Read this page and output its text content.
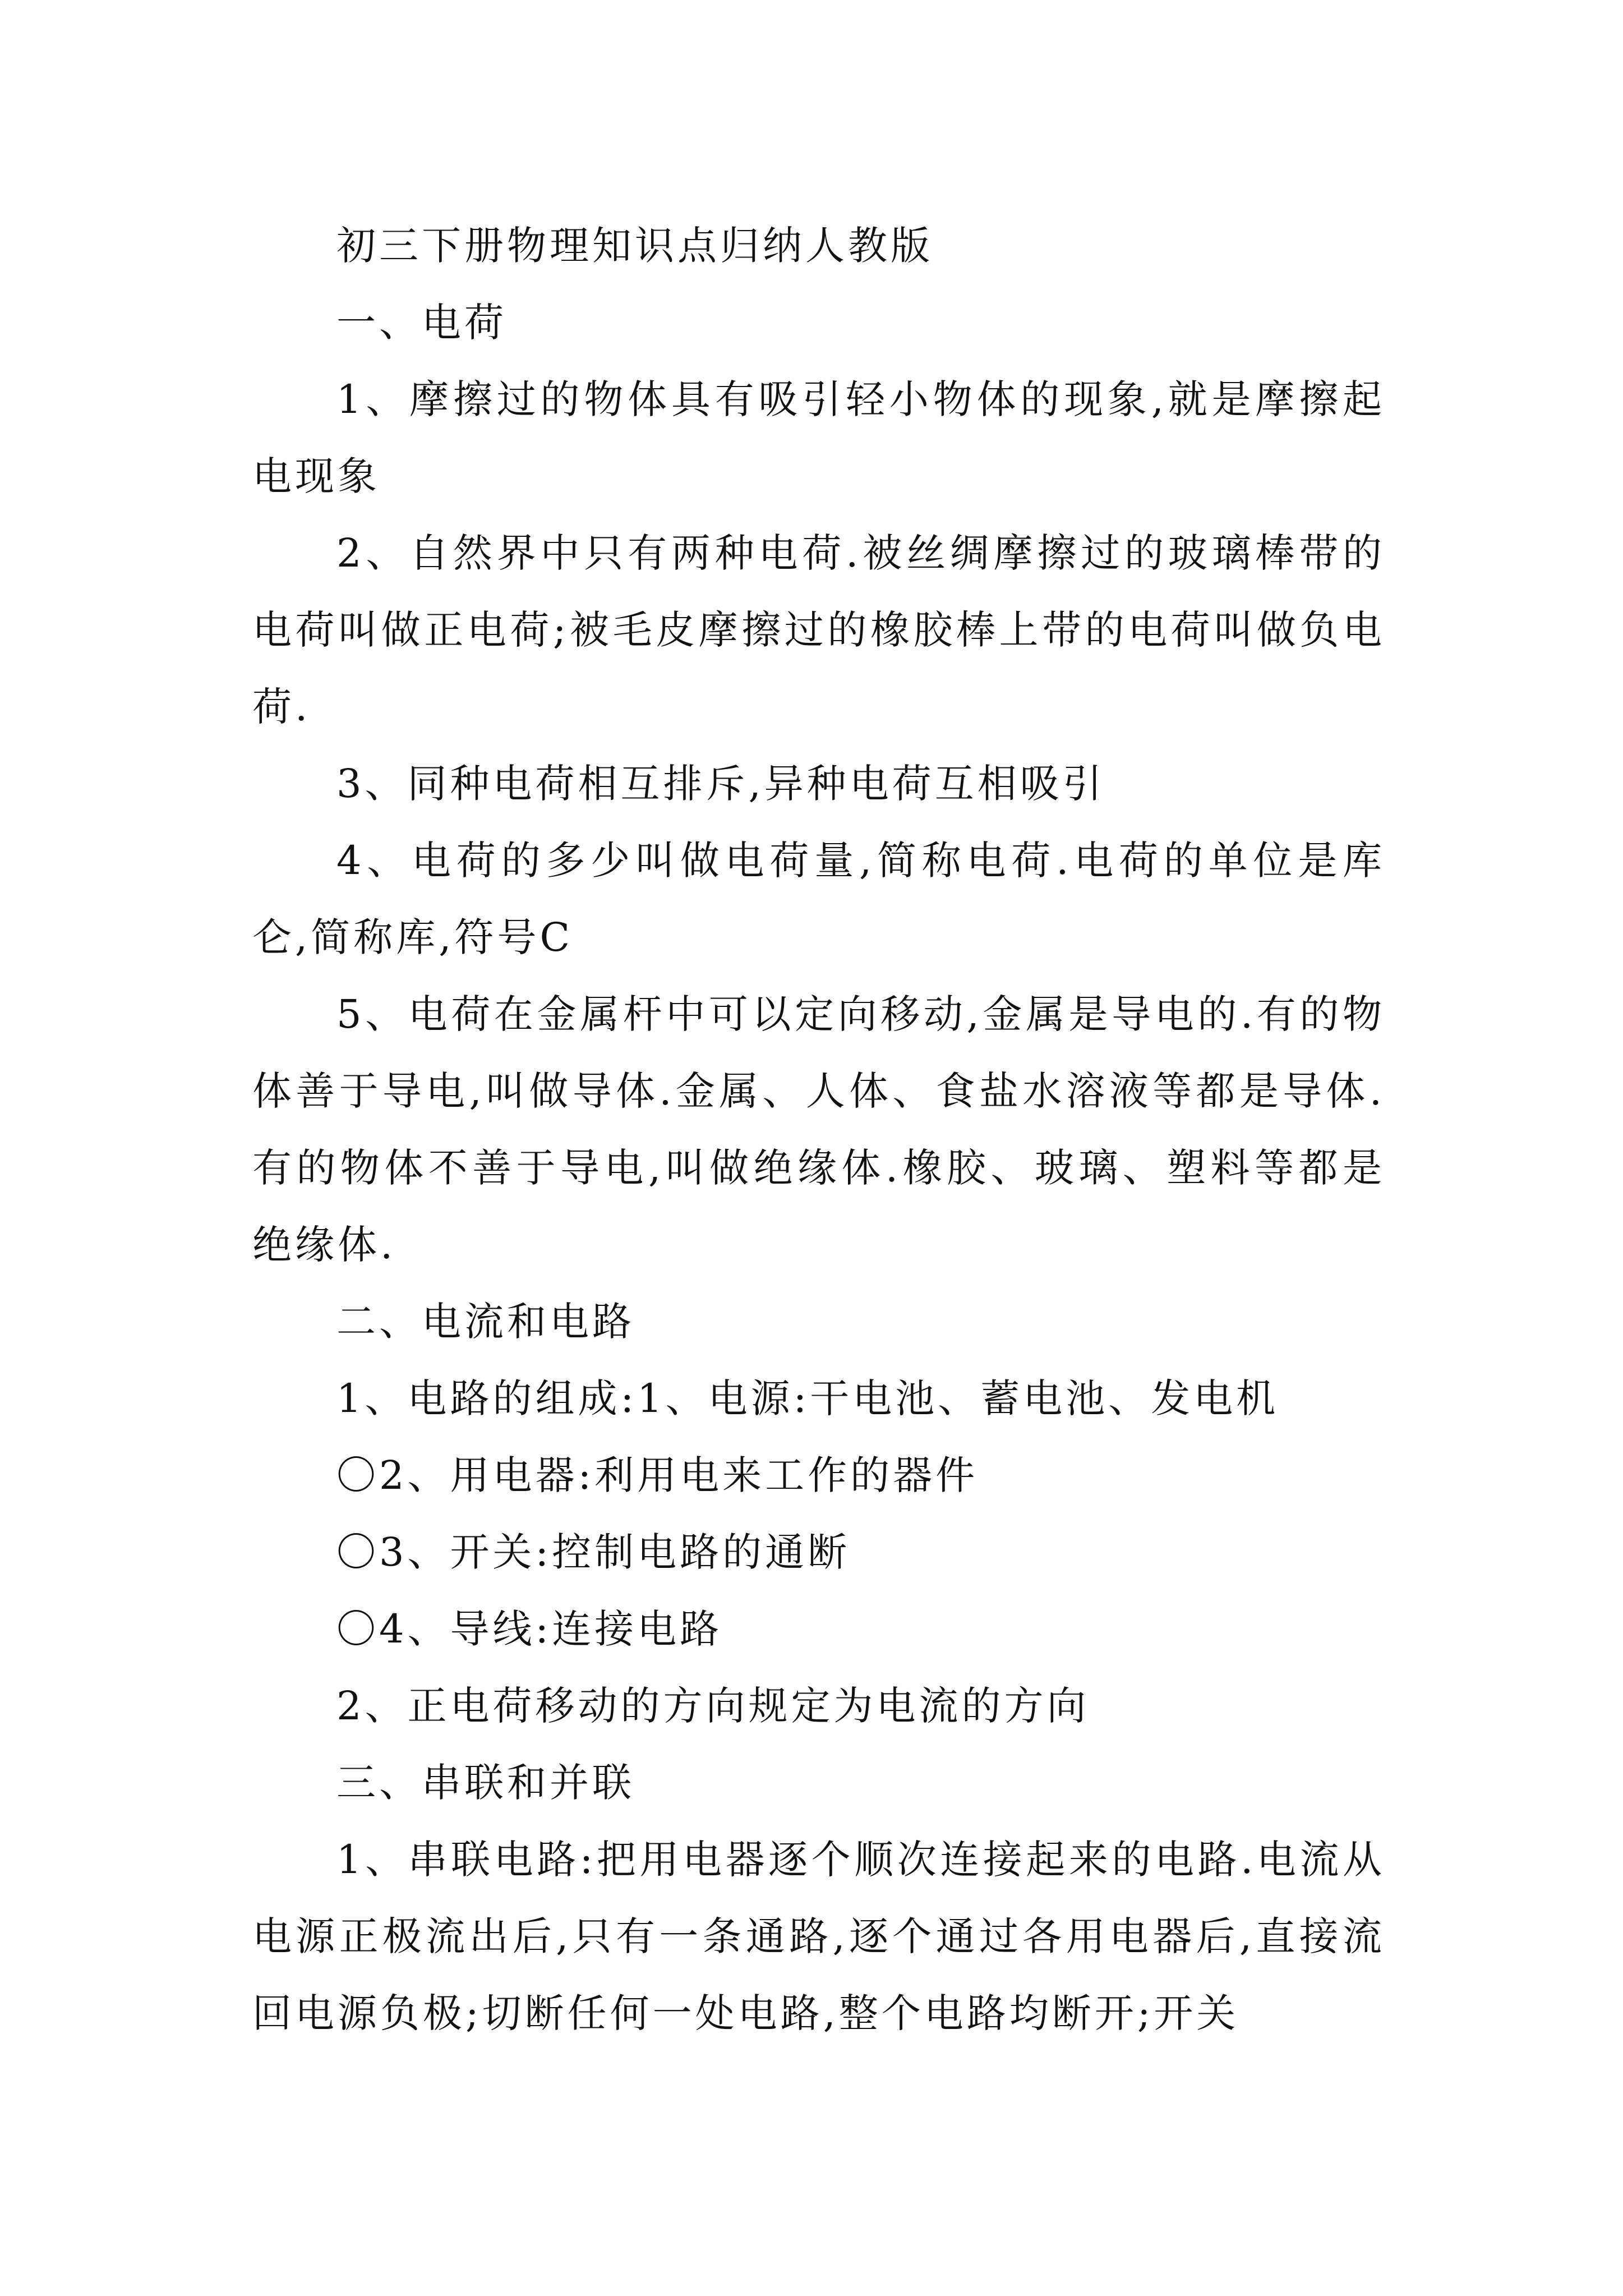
初三下册物理知识点归纳人教版

一、电荷

1、摩擦过的物体具有吸引轻小物体的现象,就是摩擦起电现象

2、自然界中只有两种电荷.被丝绸摩擦过的玻璃棒带的电荷叫做正电荷;被毛皮摩擦过的橡胶棒上带的电荷叫做负电荷.

3、同种电荷相互排斥,异种电荷互相吸引

4、电荷的多少叫做电荷量,简称电荷.电荷的单位是库仑,简称库,符号C

5、电荷在金属杆中可以定向移动,金属是导电的.有的物体善于导电,叫做导体.金属、人体、食盐水溶液等都是导体.有的物体不善于导电,叫做绝缘体.橡胶、玻璃、塑料等都是绝缘体.

二、电流和电路

1、电路的组成:1、电源:干电池、蓄电池、发电机

〇2、用电器:利用电来工作的器件

〇3、开关:控制电路的通断

〇4、导线:连接电路

2、正电荷移动的方向规定为电流的方向

三、串联和并联

1、串联电路:把用电器逐个顺次连接起来的电路.电流从电源正极流出后,只有一条通路,逐个通过各用电器后,直接流回电源负极;切断任何一处电路,整个电路均断开;开关
